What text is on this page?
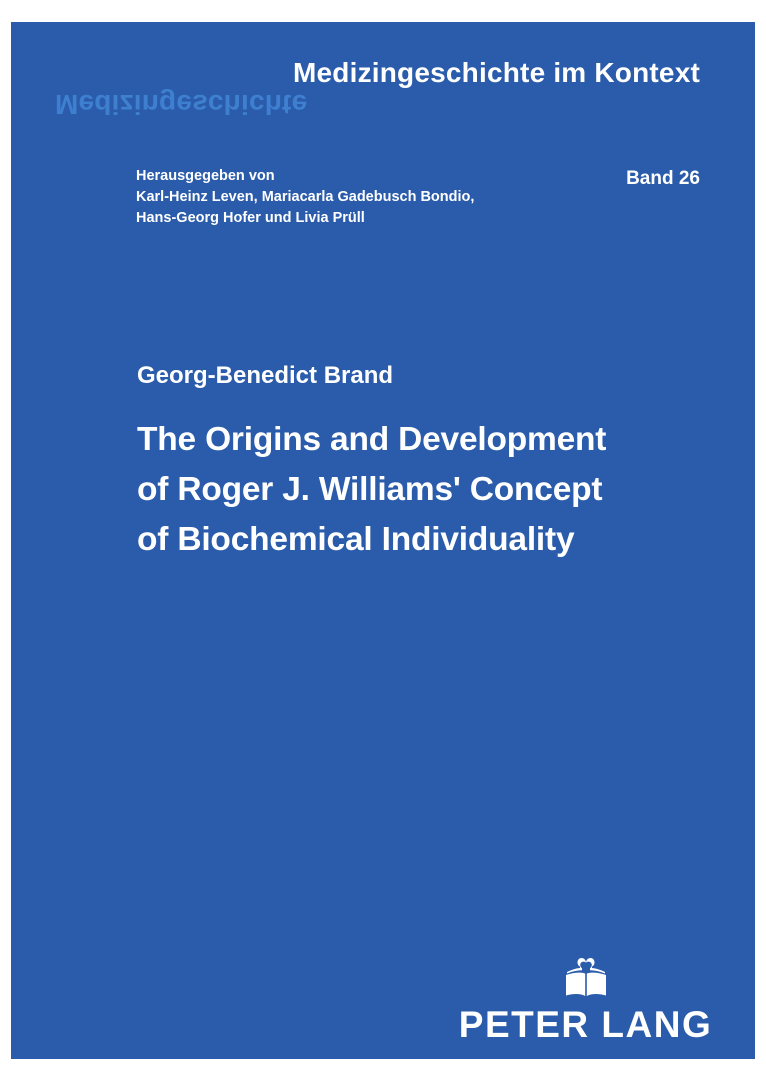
Medizingeschichte im Kontext
Medizingeschichte
Herausgegeben von
Karl-Heinz Leven, Mariacarla Gadebusch Bondio,
Hans-Georg Hofer und Livia Prüll
Band 26
Georg-Benedict Brand
The Origins and Development
of Roger J. Williams' Concept
of Biochemical Individuality
PETER LANG
